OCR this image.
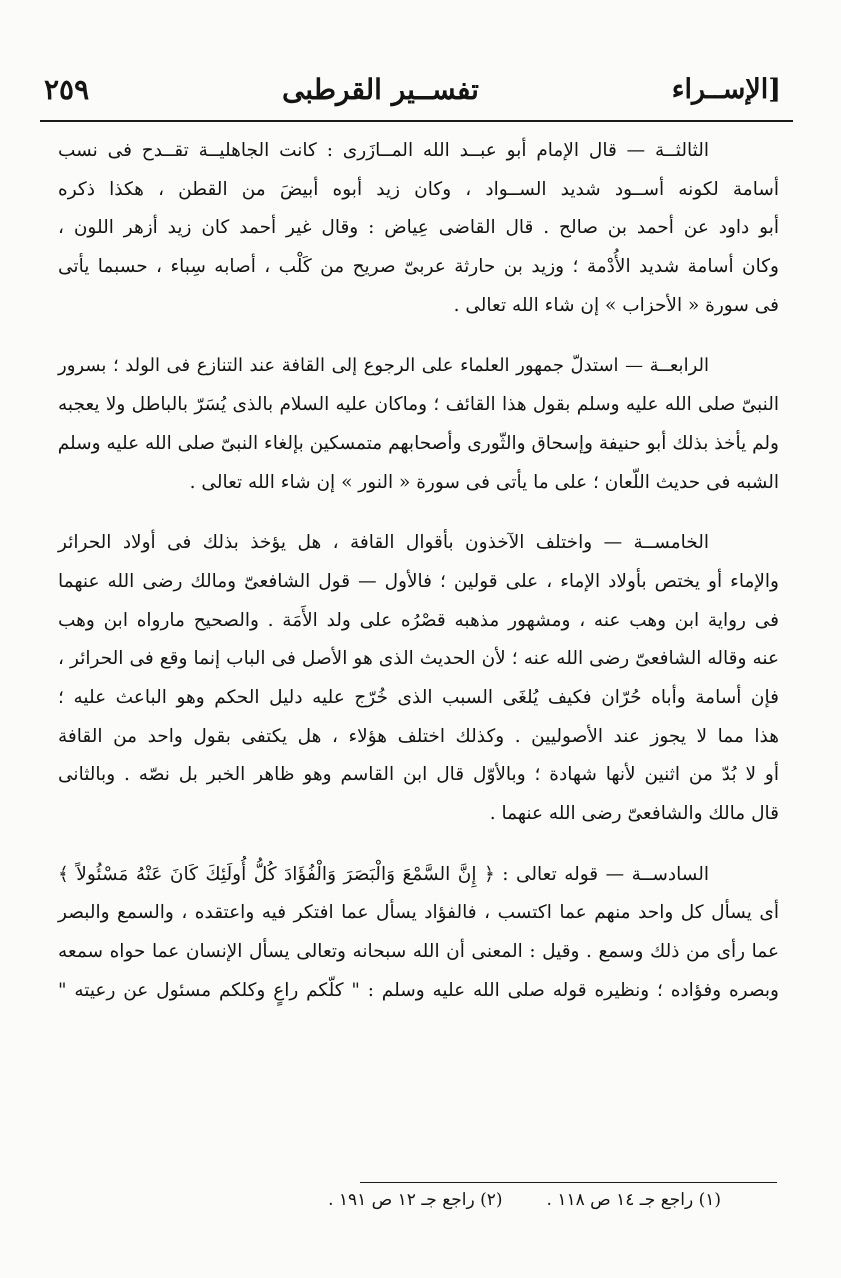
[الإســراء
تفســير القرطبى
٢٥٩
الثالثــة — قال الإمام أبو عبــد الله المــازَرى : كانت الجاهليــة تقــدح فى نسب
أسامة لكونه أســود شديد الســواد ، وكان زيد أبوه أبيضَ من القطن ، هكذا ذكره
أبو داود عن أحمد بن صالح . قال القاضى عِياض : وقال غير أحمد كان زيد أزهر اللون ،
وكان أسامة شديد الأُدْمة ؛ وزيد بن حارثة عربىّ صريح من كَلْب ، أصابه سِباء ، حسبما يأتى
فى سورة « الأحزاب » إن شاء الله تعالى .
الرابعــة — استدلّ جمهور العلماء على الرجوع إلى القافة عند التنازع فى الولد ؛ بسرور
النبىّ صلى الله عليه وسلم بقول هذا القائف ؛ وماكان عليه السلام بالذى يُسَرّ بالباطل ولا يعجبه
ولم يأخذ بذلك أبو حنيفة وإسحاق والثّورى وأصحابهم متمسكين بإلغاء النبىّ صلى الله عليه وسلم
الشبه فى حديث اللّعان ؛ على ما يأتى فى سورة « النور » إن شاء الله تعالى .
الخامســة — واختلف الآخذون بأقوال القافة ، هل يؤخذ بذلك فى أولاد الحرائر
والإماء أو يختص بأولاد الإماء ، على قولين ؛ فالأول — قول الشافعىّ ومالك رضى الله عنهما
فى رواية ابن وهب عنه ، ومشهور مذهبه قصْرُه على ولد الأَمَة . والصحيح مارواه ابن وهب
عنه وقاله الشافعىّ رضى الله عنه ؛ لأن الحديث الذى هو الأصل فى الباب إنما وقع فى الحرائر ،
فإن أسامة وأباه حُرّان فكيف يُلغَى السبب الذى خُرّج عليه دليل الحكم وهو الباعث عليه ؛
هذا مما لا يجوز عند الأصوليين . وكذلك اختلف هؤلاء ، هل يكتفى بقول واحد من القافة
أو لا بُدّ من اثنين لأنها شهادة ؛ وبالأوّل قال ابن القاسم وهو ظاهر الخبر بل نصّه . وبالثانى
قال مالك والشافعىّ رضى الله عنهما .
السادســة — قوله تعالى : ﴿ إِنَّ السَّمْعَ وَالْبَصَرَ وَالْفُؤَادَ كُلُّ أُولَئِكَ كَانَ عَنْهُ مَسْئُولاً ﴾
أى يسأل كل واحد منهم عما اكتسب ، فالفؤاد يسأل عما افتكر فيه واعتقده ، والسمع والبصر
عما رأى من ذلك وسمع . وقيل : المعنى أن الله سبحانه وتعالى يسأل الإنسان عما حواه سمعه
وبصره وفؤاده ؛ ونظيره قوله صلى الله عليه وسلم : " كلّكم راعٍ وكلكم مسئول عن رعيته "
(١) راجع جـ ١٤ ص ١١٨ .
(٢) راجع جـ ١٢ ص ١٩١ .
